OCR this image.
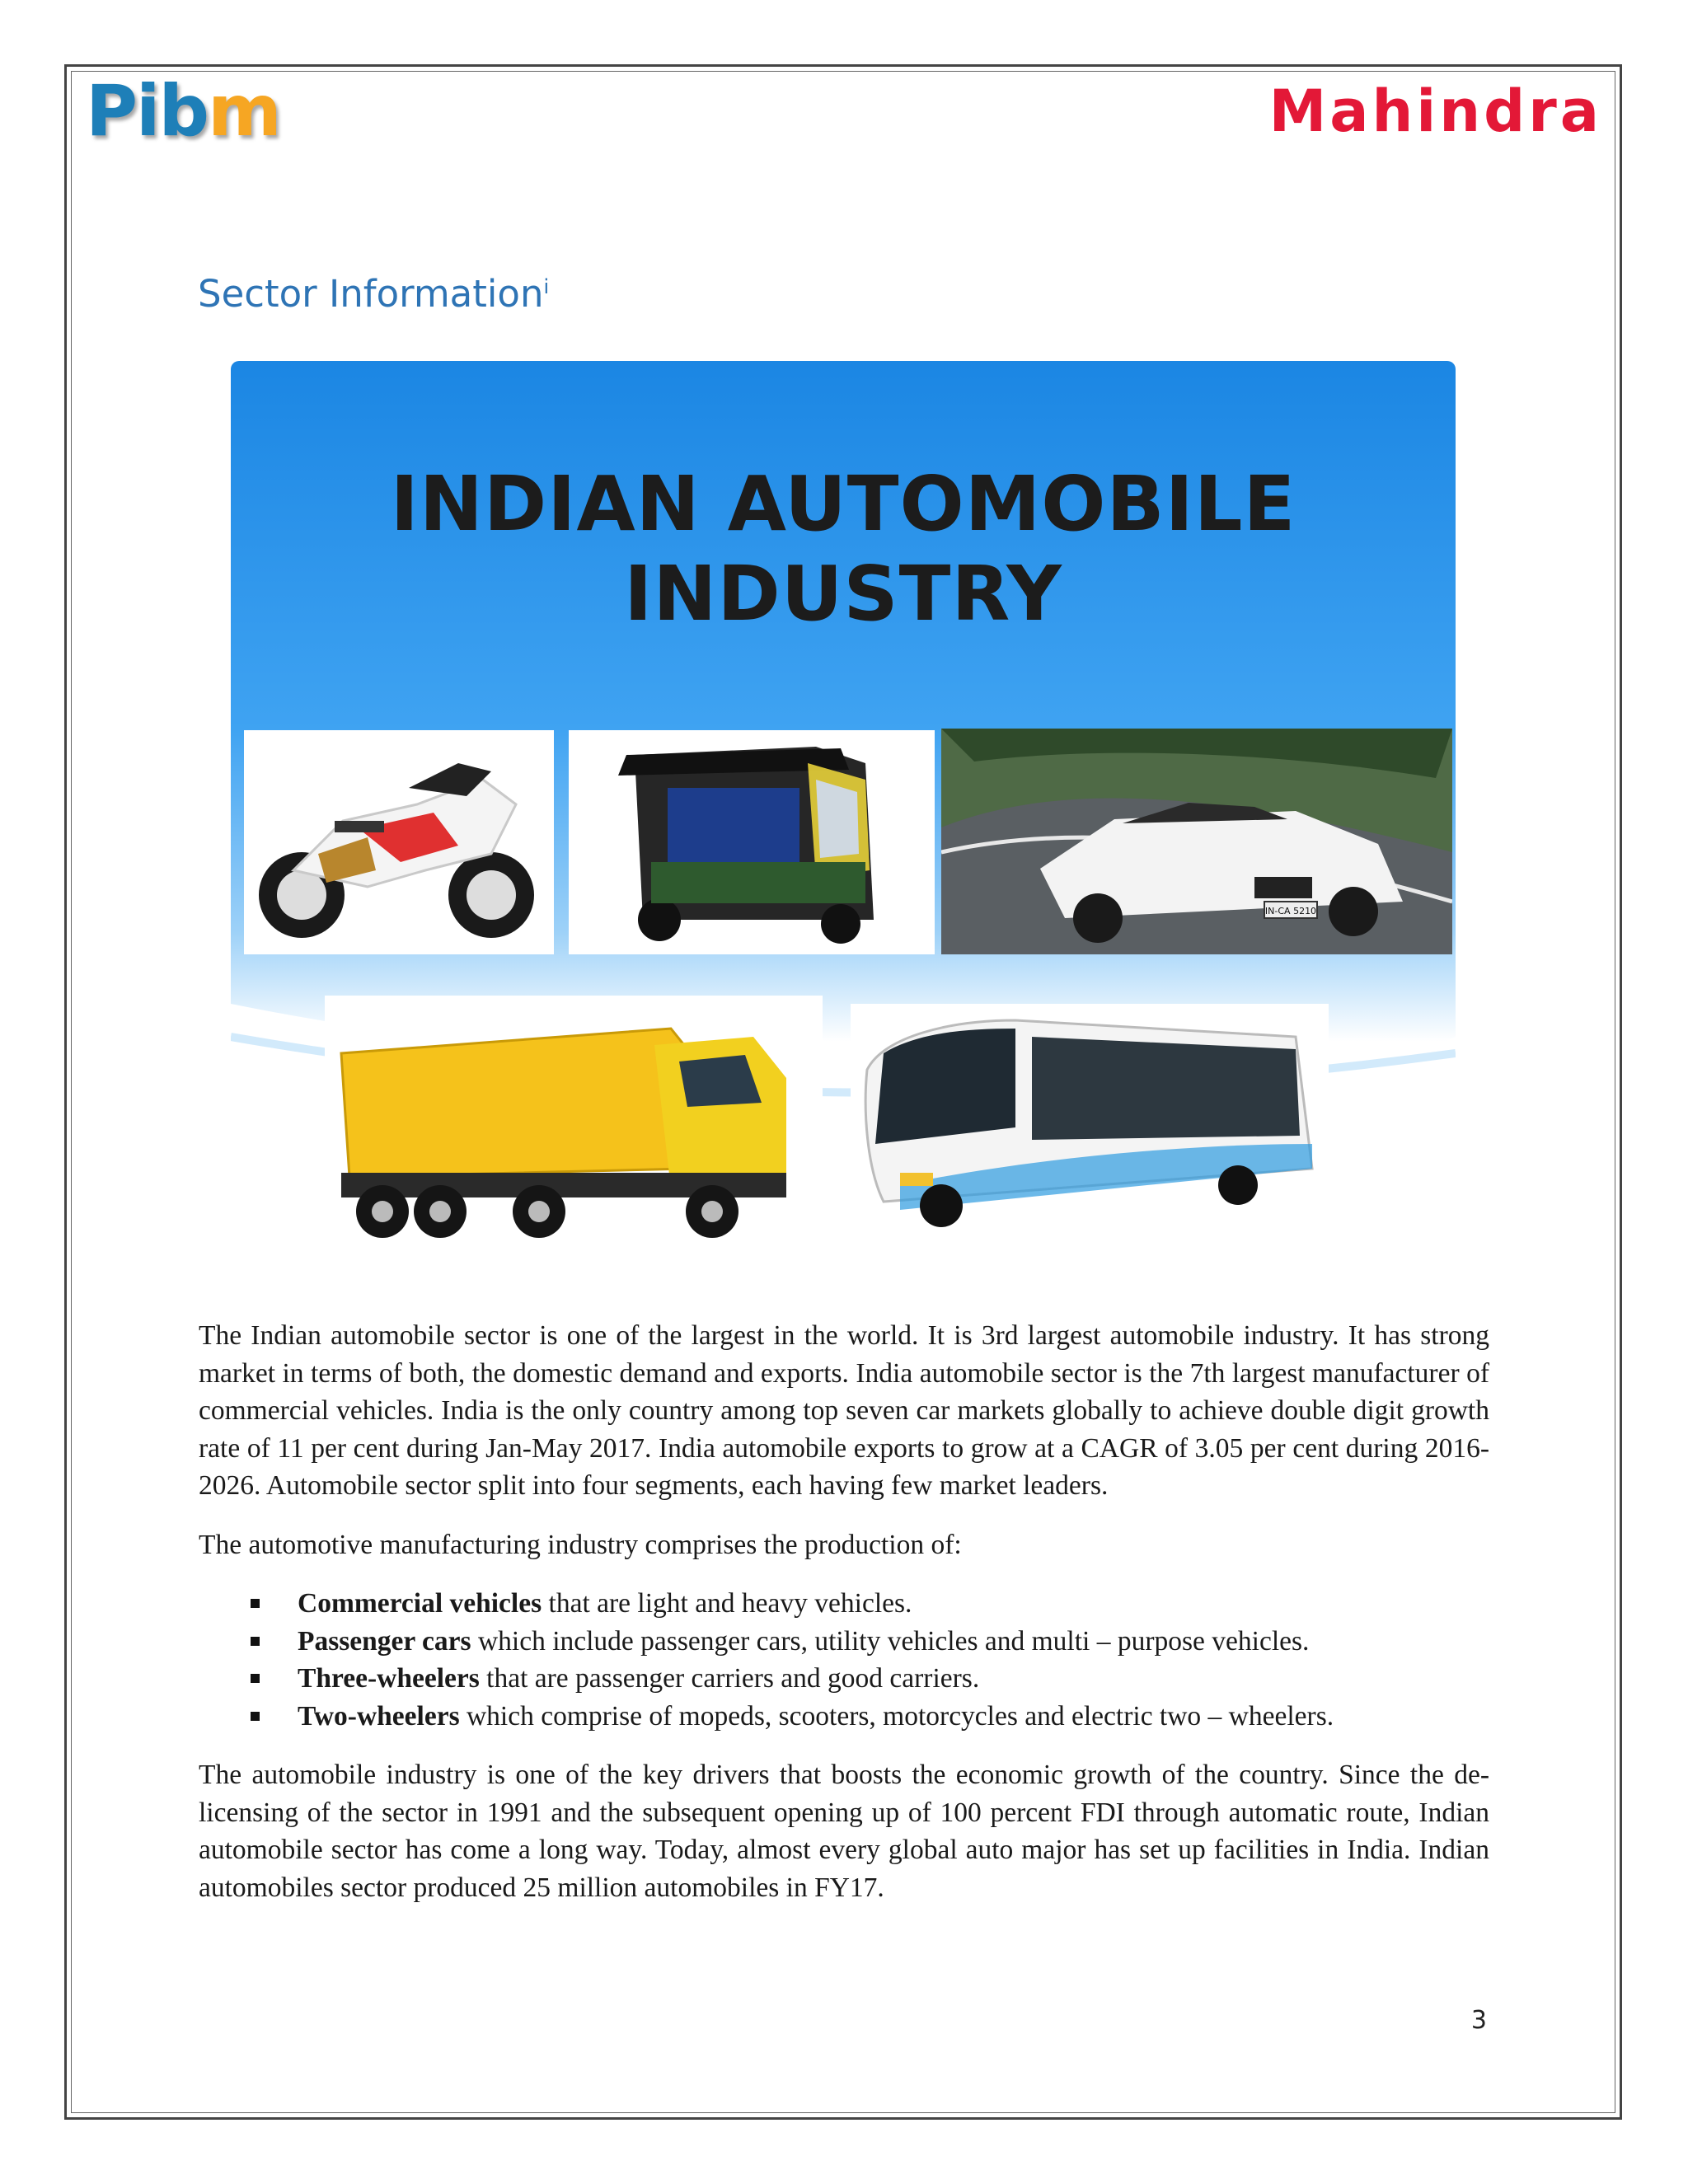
Pibm	Mahindra
Sector Information$^i$
INDIAN AUTOMOBILE
INDUSTRY
IN-CA 5210

The Indian automobile sector is one of the largest in the world. It is 3rd largest automobile industry. It has strong market in terms of both, the domestic demand and exports. India automobile sector is the 7th largest manufacturer of commercial vehicles. India is the only country among top seven car markets globally to achieve double digit growth rate of 11 per cent during Jan-May 2017. India automobile exports to grow at a CAGR of 3.05 per cent during 2016-2026. Automobile sector split into four segments, each having few market leaders.

The automotive manufacturing industry comprises the production of:

Commercial vehicles that are light and heavy vehicles.
Passenger cars which include passenger cars, utility vehicles and multi – purpose vehicles.
Three-wheelers that are passenger carriers and good carriers.
Two-wheelers which comprise of mopeds, scooters, motorcycles and electric two – wheelers.

The automobile industry is one of the key drivers that boosts the economic growth of the country. Since the de-licensing of the sector in 1991 and the subsequent opening up of 100 percent FDI through automatic route, Indian automobile sector has come a long way. Today, almost every global auto major has set up facilities in India. Indian automobiles sector produced 25 million automobiles in FY17.

3
